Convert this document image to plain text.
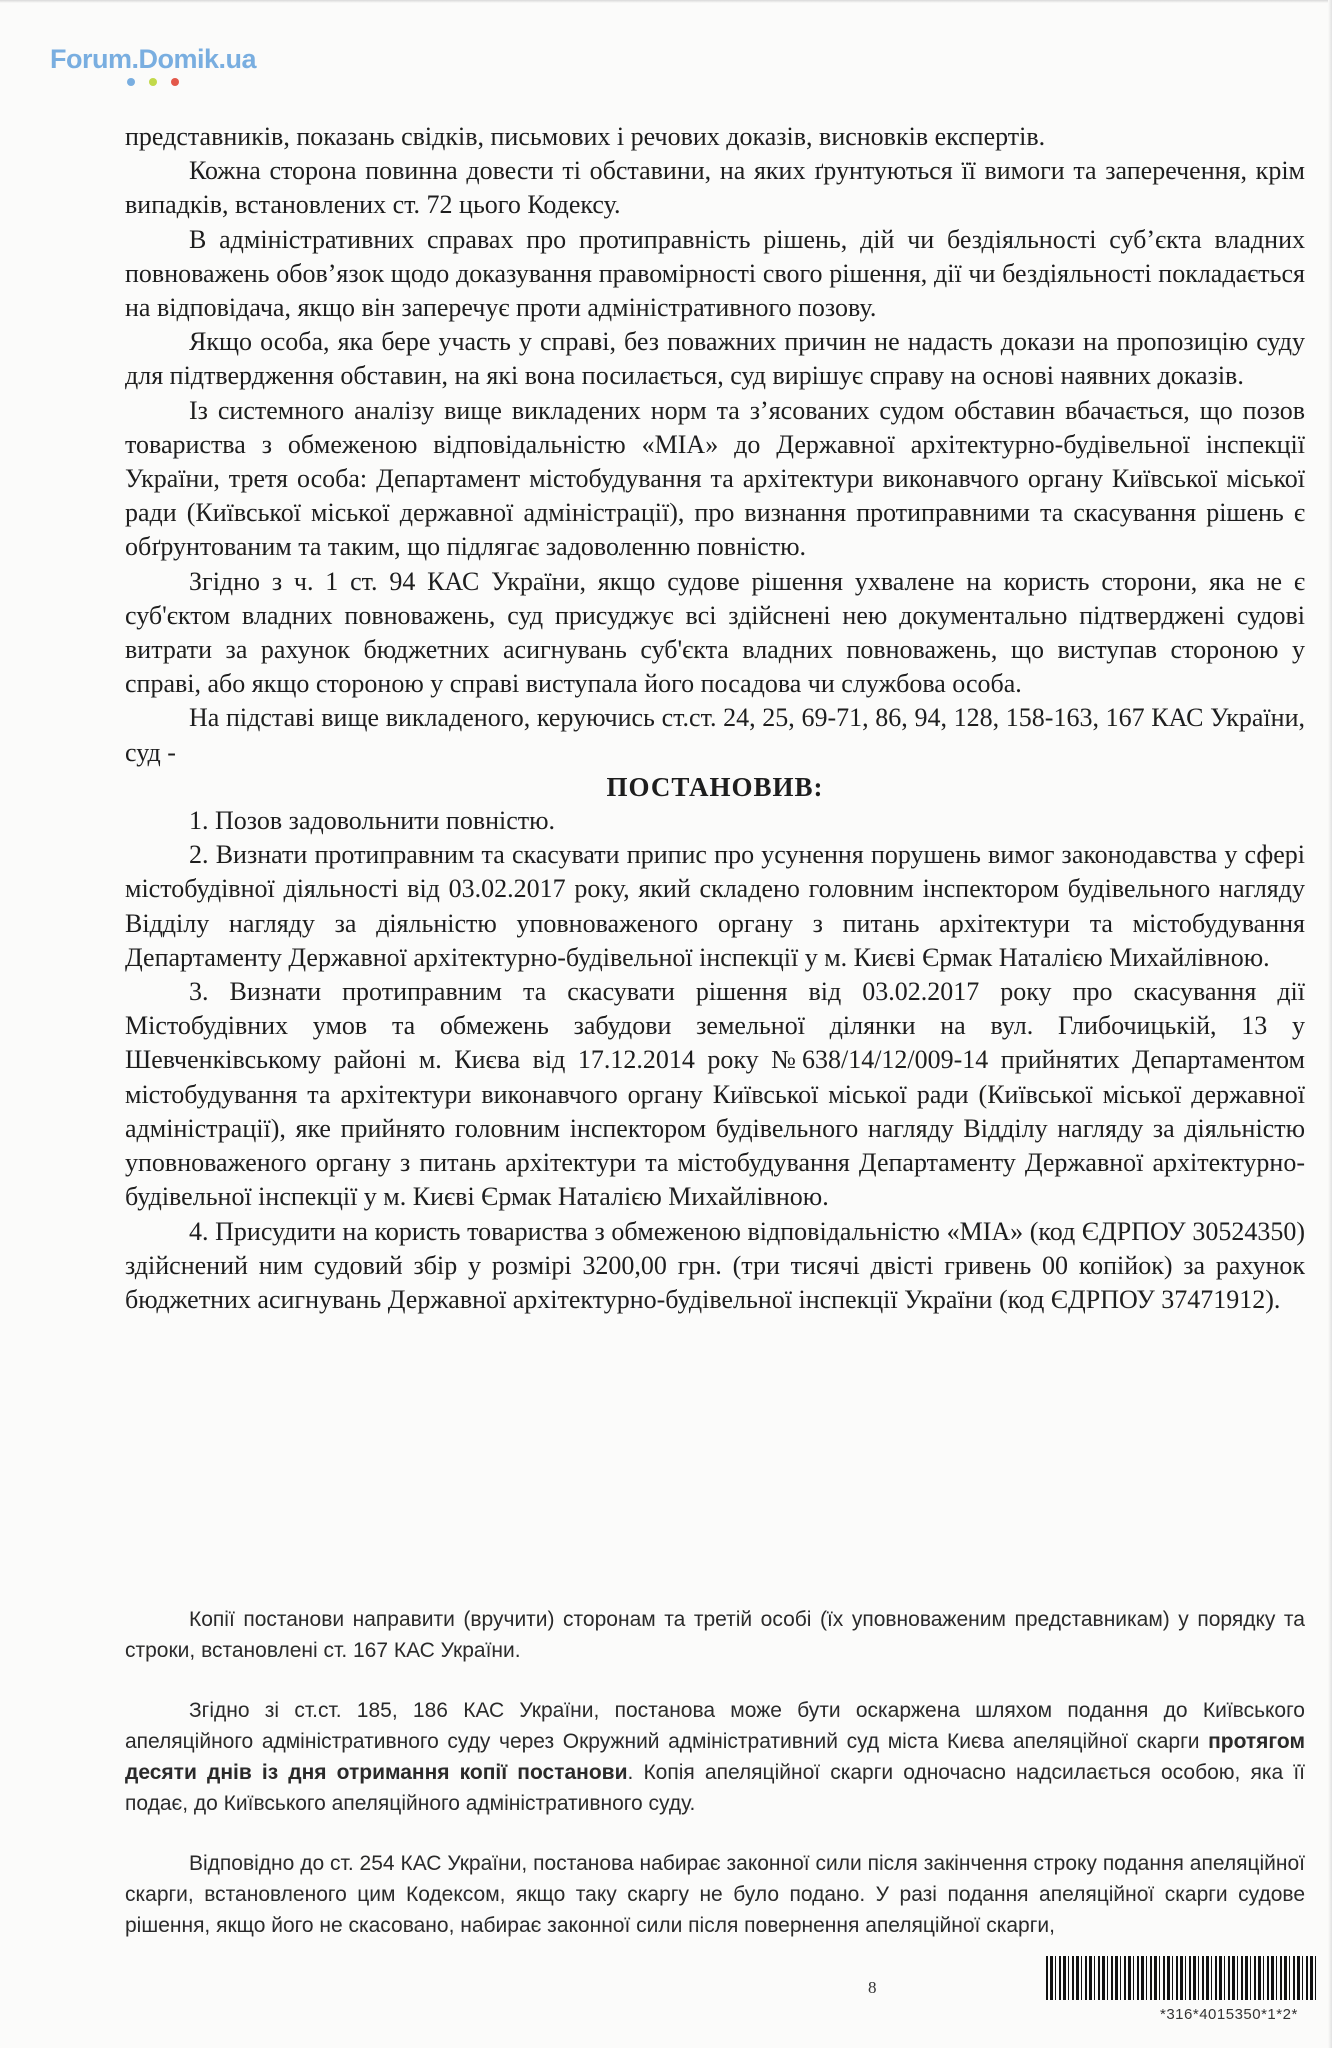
Forum.Domik.ua

представників, показань свідків, письмових і речових доказів, висновків експертів.

Кожна сторона повинна довести ті обставини, на яких ґрунтуються її вимоги та заперечення, крім випадків, встановлених ст. 72 цього Кодексу.

В адміністративних справах про протиправність рішень, дій чи бездіяльності суб’єкта владних повноважень обов’язок щодо доказування правомірності свого рішення, дії чи бездіяльності покладається на відповідача, якщо він заперечує проти адміністративного позову.

Якщо особа, яка бере участь у справі, без поважних причин не надасть докази на пропозицію суду для підтвердження обставин, на які вона посилається, суд вирішує справу на основі наявних доказів.

Із системного аналізу вище викладених норм та з’ясованих судом обставин вбачається, що позов товариства з обмеженою відповідальністю «МІА» до Державної архітектурно-будівельної інспекції України, третя особа: Департамент містобудування та архітектури виконавчого органу Київської міської ради (Київської міської державної адміністрації), про визнання протиправними та скасування рішень є обґрунтованим та таким, що підлягає задоволенню повністю.

Згідно з ч. 1 ст. 94 КАС України, якщо судове рішення ухвалене на користь сторони, яка не є суб'єктом владних повноважень, суд присуджує всі здійснені нею документально підтверджені судові витрати за рахунок бюджетних асигнувань суб'єкта владних повноважень, що виступав стороною у справі, або якщо стороною у справі виступала його посадова чи службова особа.

На підставі вище викладеного, керуючись ст.ст. 24, 25, 69-71, 86, 94, 128, 158-163, 167 КАС України, суд -

ПОСТАНОВИВ:

1. Позов задовольнити повністю.

2. Визнати протиправним та скасувати припис про усунення порушень вимог законодавства у сфері містобудівної діяльності від 03.02.2017 року, який складено головним інспектором будівельного нагляду Відділу нагляду за діяльністю уповноваженого органу з питань архітектури та містобудування Департаменту Державної архітектурно-будівельної інспекції у м. Києві Єрмак Наталією Михайлівною.

3. Визнати протиправним та скасувати рішення від 03.02.2017 року про скасування дії Містобудівних умов та обмежень забудови земельної ділянки на вул. Глибочицькій, 13 у Шевченківському районі м. Києва від 17.12.2014 року №638/14/12/009-14 прийнятих Департаментом містобудування та архітектури виконавчого органу Київської міської ради (Київської міської державної адміністрації), яке прийнято головним інспектором будівельного нагляду Відділу нагляду за діяльністю уповноваженого органу з питань архітектури та містобудування Департаменту Державної архітектурно-будівельної інспекції у м. Києві Єрмак Наталією Михайлівною.

4. Присудити на користь товариства з обмеженою відповідальністю «МІА» (код ЄДРПОУ 30524350) здійснений ним судовий збір у розмірі 3200,00 грн. (три тисячі двісті гривень 00 копійок) за рахунок бюджетних асигнувань Державної архітектурно-будівельної інспекції України (код ЄДРПОУ 37471912).

Копії постанови направити (вручити) сторонам та третій особі (їх уповноваженим представникам) у порядку та строки, встановлені ст. 167 КАС України.

Згідно зі ст.ст. 185, 186 КАС України, постанова може бути оскаржена шляхом подання до Київського апеляційного адміністративного суду через Окружний адміністративний суд міста Києва апеляційної скарги протягом десяти днів із дня отримання копії постанови. Копія апеляційної скарги одночасно надсилається особою, яка її подає, до Київського апеляційного адміністративного суду.

Відповідно до ст. 254 КАС України, постанова набирає законної сили після закінчення строку подання апеляційної скарги, встановленого цим Кодексом, якщо таку скаргу не було подано. У разі подання апеляційної скарги судове рішення, якщо його не скасовано, набирає законної сили після повернення апеляційної скарги,

8
*316*4015350*1*2*
